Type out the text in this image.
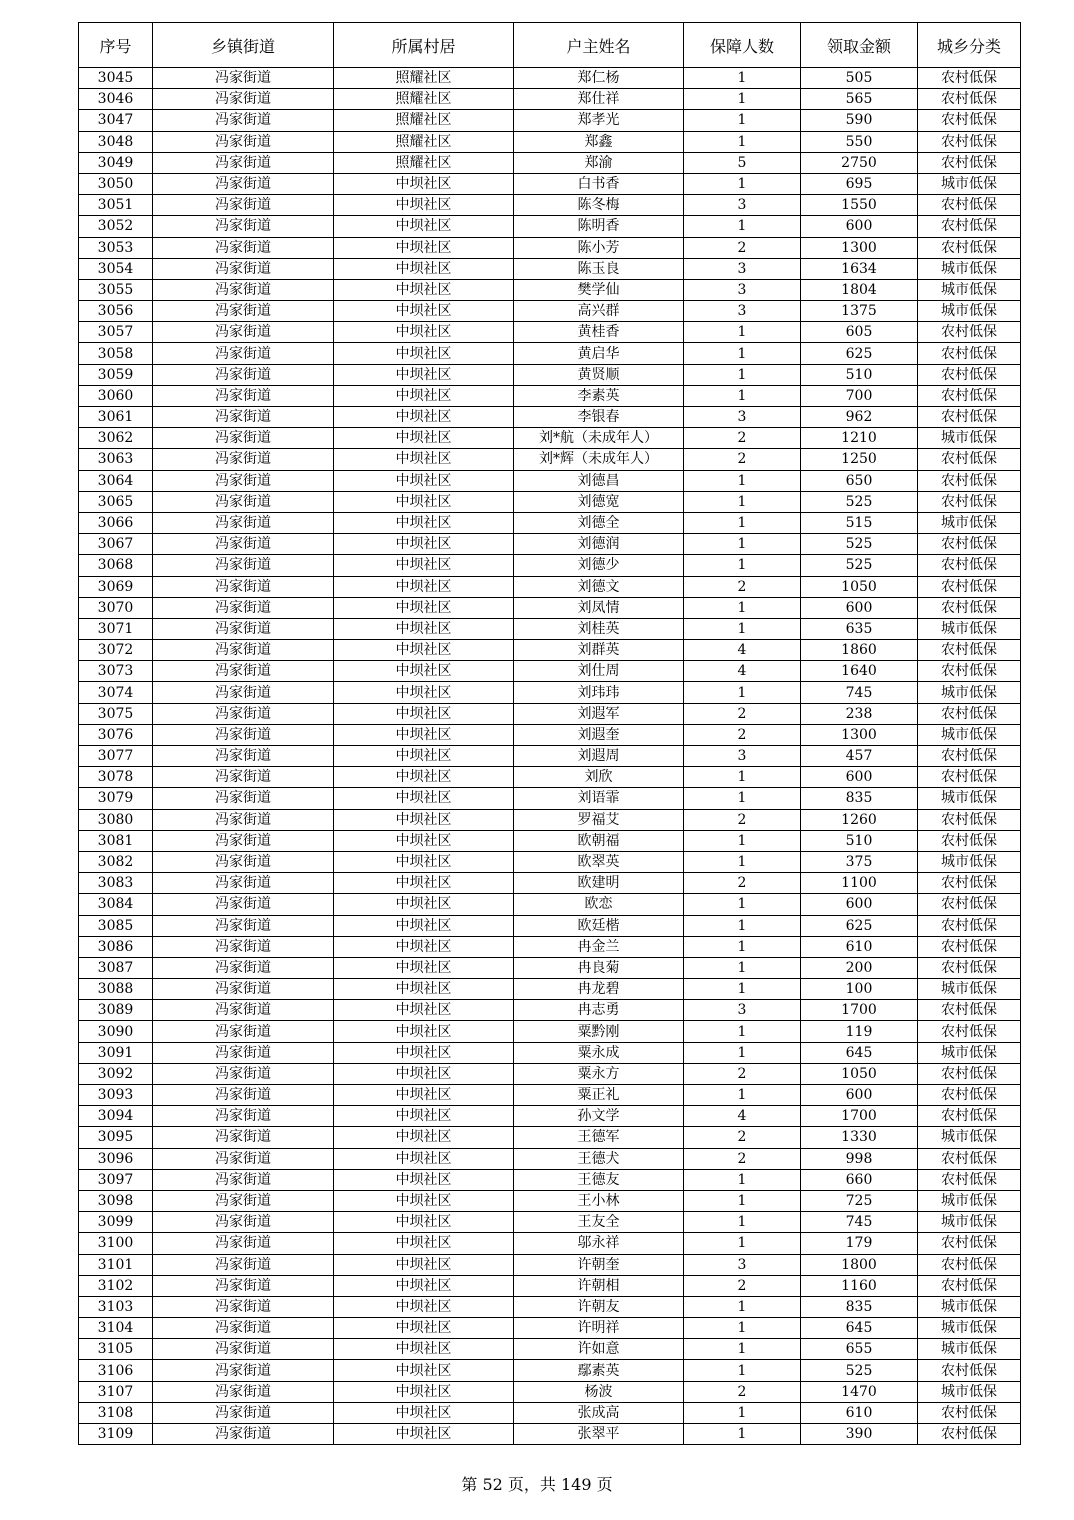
序号	乡镇街道	所属村居	户主姓名	保障人数	领取金额	城乡分类
3045	冯家街道	照耀社区	郑仁杨	1	505	农村低保
3046	冯家街道	照耀社区	郑仕祥	1	565	农村低保
3047	冯家街道	照耀社区	郑孝光	1	590	农村低保
3048	冯家街道	照耀社区	郑鑫	1	550	农村低保
3049	冯家街道	照耀社区	郑渝	5	2750	农村低保
3050	冯家街道	中坝社区	白书香	1	695	城市低保
3051	冯家街道	中坝社区	陈冬梅	3	1550	农村低保
3052	冯家街道	中坝社区	陈明香	1	600	农村低保
3053	冯家街道	中坝社区	陈小芳	2	1300	农村低保
3054	冯家街道	中坝社区	陈玉良	3	1634	城市低保
3055	冯家街道	中坝社区	樊学仙	3	1804	城市低保
3056	冯家街道	中坝社区	高兴群	3	1375	城市低保
3057	冯家街道	中坝社区	黄桂香	1	605	农村低保
3058	冯家街道	中坝社区	黄启华	1	625	农村低保
3059	冯家街道	中坝社区	黄贤顺	1	510	农村低保
3060	冯家街道	中坝社区	李素英	1	700	农村低保
3061	冯家街道	中坝社区	李银春	3	962	农村低保
3062	冯家街道	中坝社区	刘*航（未成年人）	2	1210	城市低保
3063	冯家街道	中坝社区	刘*辉（未成年人）	2	1250	农村低保
3064	冯家街道	中坝社区	刘德昌	1	650	农村低保
3065	冯家街道	中坝社区	刘德宽	1	525	农村低保
3066	冯家街道	中坝社区	刘德全	1	515	城市低保
3067	冯家街道	中坝社区	刘德润	1	525	农村低保
3068	冯家街道	中坝社区	刘德少	1	525	农村低保
3069	冯家街道	中坝社区	刘德文	2	1050	农村低保
3070	冯家街道	中坝社区	刘凤情	1	600	农村低保
3071	冯家街道	中坝社区	刘桂英	1	635	城市低保
3072	冯家街道	中坝社区	刘群英	4	1860	农村低保
3073	冯家街道	中坝社区	刘仕周	4	1640	农村低保
3074	冯家街道	中坝社区	刘玮玮	1	745	城市低保
3075	冯家街道	中坝社区	刘遐军	2	238	农村低保
3076	冯家街道	中坝社区	刘遐奎	2	1300	城市低保
3077	冯家街道	中坝社区	刘遐周	3	457	农村低保
3078	冯家街道	中坝社区	刘欣	1	600	农村低保
3079	冯家街道	中坝社区	刘语霏	1	835	城市低保
3080	冯家街道	中坝社区	罗福艾	2	1260	农村低保
3081	冯家街道	中坝社区	欧朝福	1	510	农村低保
3082	冯家街道	中坝社区	欧翠英	1	375	城市低保
3083	冯家街道	中坝社区	欧建明	2	1100	农村低保
3084	冯家街道	中坝社区	欧恋	1	600	农村低保
3085	冯家街道	中坝社区	欧廷楷	1	625	农村低保
3086	冯家街道	中坝社区	冉金兰	1	610	农村低保
3087	冯家街道	中坝社区	冉良菊	1	200	农村低保
3088	冯家街道	中坝社区	冉龙碧	1	100	城市低保
3089	冯家街道	中坝社区	冉志勇	3	1700	农村低保
3090	冯家街道	中坝社区	粟黔刚	1	119	农村低保
3091	冯家街道	中坝社区	粟永成	1	645	城市低保
3092	冯家街道	中坝社区	粟永方	2	1050	农村低保
3093	冯家街道	中坝社区	粟正礼	1	600	农村低保
3094	冯家街道	中坝社区	孙文学	4	1700	农村低保
3095	冯家街道	中坝社区	王德军	2	1330	城市低保
3096	冯家街道	中坝社区	王德犬	2	998	农村低保
3097	冯家街道	中坝社区	王德友	1	660	农村低保
3098	冯家街道	中坝社区	王小林	1	725	城市低保
3099	冯家街道	中坝社区	王友全	1	745	城市低保
3100	冯家街道	中坝社区	邬永祥	1	179	农村低保
3101	冯家街道	中坝社区	许朝奎	3	1800	农村低保
3102	冯家街道	中坝社区	许朝相	2	1160	农村低保
3103	冯家街道	中坝社区	许朝友	1	835	城市低保
3104	冯家街道	中坝社区	许明祥	1	645	城市低保
3105	冯家街道	中坝社区	许如意	1	655	城市低保
3106	冯家街道	中坝社区	鄢素英	1	525	农村低保
3107	冯家街道	中坝社区	杨波	2	1470	城市低保
3108	冯家街道	中坝社区	张成高	1	610	农村低保
3109	冯家街道	中坝社区	张翠平	1	390	农村低保
第 52 页，共 149 页
